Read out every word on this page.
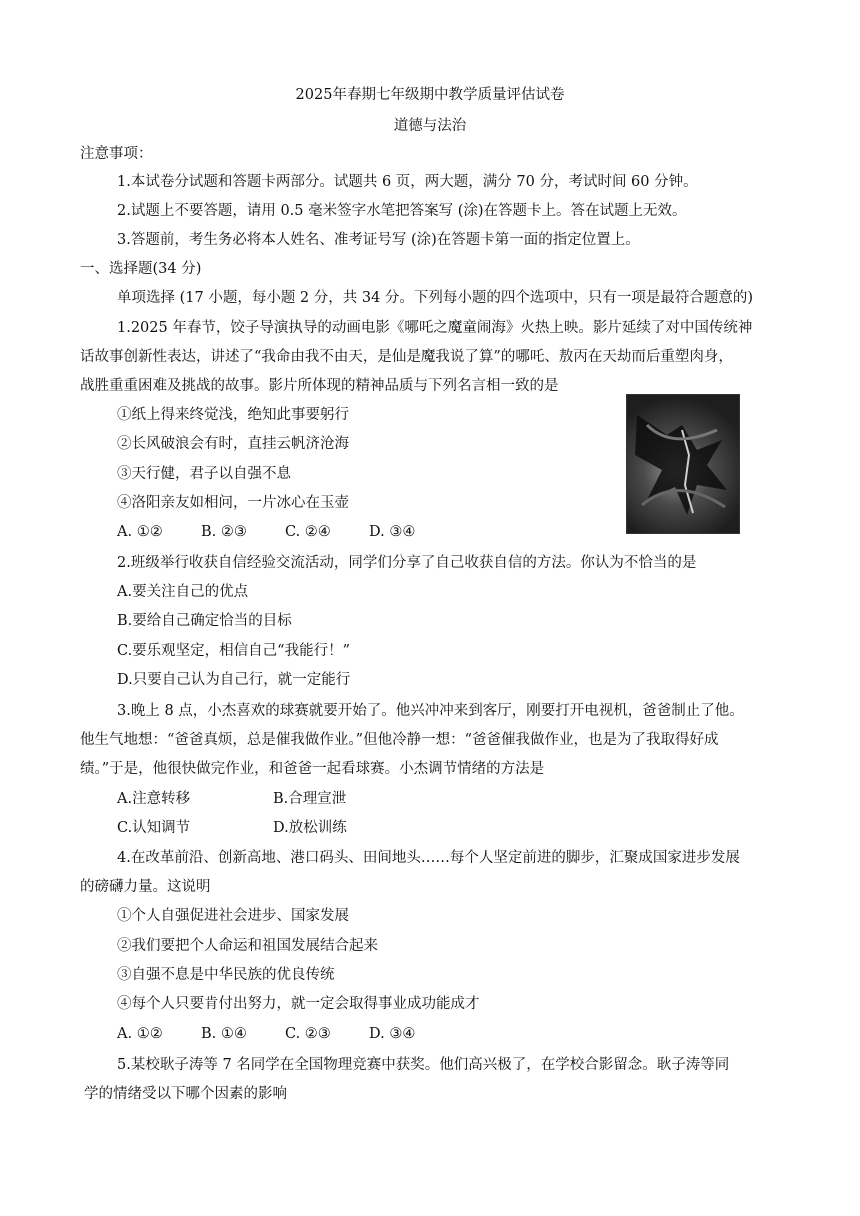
2025年春期七年级期中教学质量评估试卷
道德与法治
注意事项：
1.本试卷分试题和答题卡两部分。试题共 6 页，两大题，满分 70 分，考试时间 60 分钟。
2.试题上不要答题，请用 0.5 毫米签字水笔把答案写 (涂)在答题卡上。答在试题上无效。
3.答题前，考生务必将本人姓名、准考证号写 (涂)在答题卡第一面的指定位置上。
一、选择题(34 分)
单项选择 (17 小题，每小题 2 分，共 34 分。下列每小题的四个选项中，只有一项是最符合题意的)
1.2025 年春节，饺子导演执导的动画电影《哪吒之魔童闹海》火热上映。影片延续了对中国传统神
话故事创新性表达，讲述了“我命由我不由天，是仙是魔我说了算”的哪吒、敖丙在天劫而后重塑肉身，
战胜重重困难及挑战的故事。影片所体现的精神品质与下列名言相一致的是
①纸上得来终觉浅，绝知此事要躬行
②长风破浪会有时，直挂云帆济沧海
③天行健，君子以自强不息
④洛阳亲友如相问，一片冰心在玉壶
A. ①②	B. ②③	C. ②④	D. ③④
2.班级举行收获自信经验交流活动，同学们分享了自己收获自信的方法。你认为不恰当的是
A.要关注自己的优点
B.要给自己确定恰当的目标
C.要乐观坚定，相信自己“我能行！”
D.只要自己认为自己行，就一定能行
3.晚上 8 点，小杰喜欢的球赛就要开始了。他兴冲冲来到客厅，刚要打开电视机，爸爸制止了他。
他生气地想：“爸爸真烦，总是催我做作业。”但他冷静一想：“爸爸催我做作业，也是为了我取得好成
绩。”于是，他很快做完作业，和爸爸一起看球赛。小杰调节情绪的方法是
A.注意转移	B.合理宣泄
C.认知调节	D.放松训练
4.在改革前沿、创新高地、港口码头、田间地头……每个人坚定前进的脚步，汇聚成国家进步发展
的磅礴力量。这说明
①个人自强促进社会进步、国家发展
②我们要把个人命运和祖国发展结合起来
③自强不息是中华民族的优良传统
④每个人只要肯付出努力，就一定会取得事业成功能成才
A. ①②	B. ①④	C. ②③	D. ③④
5.某校耿子涛等 7 名同学在全国物理竞赛中获奖。他们高兴极了，在学校合影留念。耿子涛等同
学的情绪受以下哪个因素的影响
